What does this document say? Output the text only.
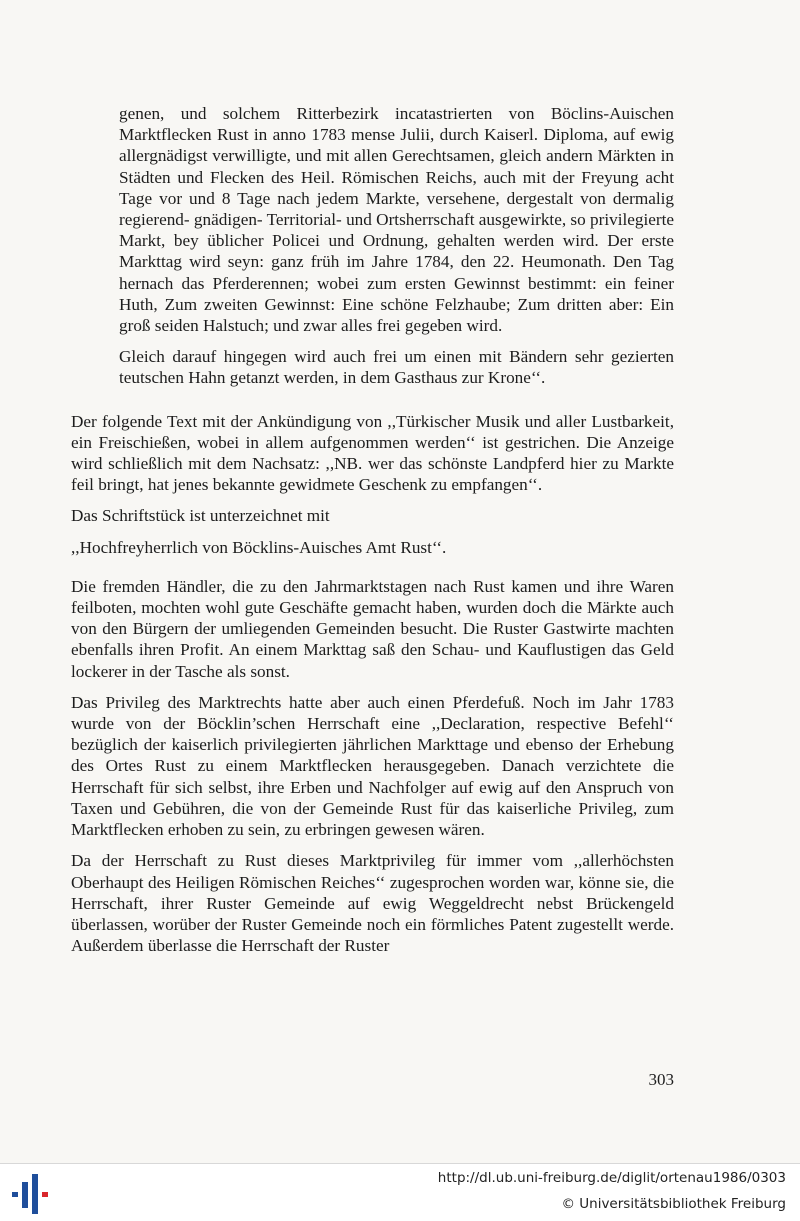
genen, und solchem Ritterbezirk incatastrierten von Böclins-Auischen Marktflecken Rust in anno 1783 mense Julii, durch Kaiserl. Diploma, auf ewig allergnädigst verwilligte, und mit allen Gerechtsamen, gleich andern Märkten in Städten und Flecken des Heil. Römischen Reichs, auch mit der Freyung acht Tage vor und 8 Tage nach jedem Markte, versehene, dergestalt von dermalig regierend- gnädigen- Territorial- und Ortsherrschaft ausgewirkte, so privilegierte Markt, bey üblicher Policei und Ordnung, gehalten werden wird. Der erste Markttag wird seyn: ganz früh im Jahre 1784, den 22. Heumonath. Den Tag hernach das Pferderennen; wobei zum ersten Gewinnst bestimmt: ein feiner Huth, Zum zweiten Gewinnst: Eine schöne Felzhaube; Zum dritten aber: Ein groß seiden Halstuch; und zwar alles frei gegeben wird.

Gleich darauf hingegen wird auch frei um einen mit Bändern sehr gezierten teutschen Hahn getanzt werden, in dem Gasthaus zur Krone‘‘.

Der folgende Text mit der Ankündigung von ,,Türkischer Musik und aller Lustbarkeit, ein Freischießen, wobei in allem aufgenommen werden‘‘ ist gestrichen. Die Anzeige wird schließlich mit dem Nachsatz: ,,NB. wer das schönste Landpferd hier zu Markte feil bringt, hat jenes bekannte gewidmete Geschenk zu empfangen‘‘.

Das Schriftstück ist unterzeichnet mit

,,Hochfreyherrlich von Böcklins-Auisches Amt Rust‘‘.

Die fremden Händler, die zu den Jahrmarktstagen nach Rust kamen und ihre Waren feilboten, mochten wohl gute Geschäfte gemacht haben, wurden doch die Märkte auch von den Bürgern der umliegenden Gemeinden besucht. Die Ruster Gastwirte machten ebenfalls ihren Profit. An einem Markttag saß den Schau- und Kauflustigen das Geld lockerer in der Tasche als sonst.

Das Privileg des Marktrechts hatte aber auch einen Pferdefuß. Noch im Jahr 1783 wurde von der Böcklin’schen Herrschaft eine ,,Declaration, respective Befehl‘‘ bezüglich der kaiserlich privilegierten jährlichen Markttage und ebenso der Erhebung des Ortes Rust zu einem Marktflecken herausgegeben. Danach verzichtete die Herrschaft für sich selbst, ihre Erben und Nachfolger auf ewig auf den Anspruch von Taxen und Gebühren, die von der Gemeinde Rust für das kaiserliche Privileg, zum Marktflecken erhoben zu sein, zu erbringen gewesen wären.

Da der Herrschaft zu Rust dieses Marktprivileg für immer vom ,,allerhöchsten Oberhaupt des Heiligen Römischen Reiches‘‘ zugesprochen worden war, könne sie, die Herrschaft, ihrer Ruster Gemeinde auf ewig Weggeldrecht nebst Brückengeld überlassen, worüber der Ruster Gemeinde noch ein förmliches Patent zugestellt werde. Außerdem überlasse die Herrschaft der Ruster

303
http://dl.ub.uni-freiburg.de/diglit/ortenau1986/0303
© Universitätsbibliothek Freiburg
